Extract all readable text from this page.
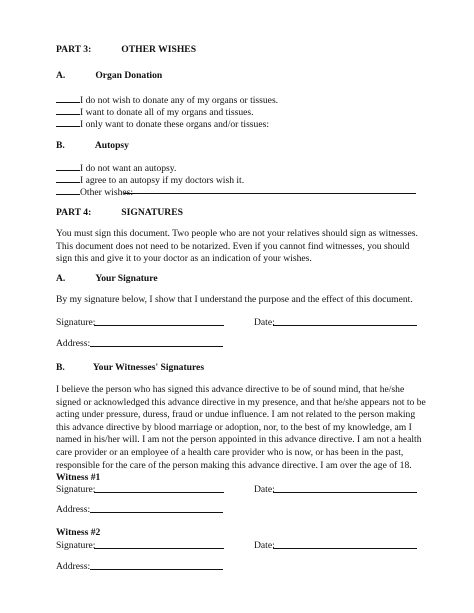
PART 3:	OTHER WISHES
A.	Organ Donation
I do not wish to donate any of my organs or tissues.
I want to donate all of my organs and tissues.
I only want to donate these organs and/or tissues:
B.	Autopsy
I do not want an autopsy.
I agree to an autopsy if my doctors wish it.
Other wishes:
PART 4:	SIGNATURES
You must sign this document. Two people who are not your relatives should sign as witnesses.
This document does not need to be notarized. Even if you cannot find witnesses, you should
sign this and give it to your doctor as an indication of your wishes.
A.	Your Signature
By my signature below, I show that I understand the purpose and the effect of this document.
Signature:	Date:
Address:
B.	Your Witnesses' Signatures
I believe the person who has signed this advance directive to be of sound mind, that he/she
signed or acknowledged this advance directive in my presence, and that he/she appears not to be
acting under pressure, duress, fraud or undue influence. I am not related to the person making
this advance directive by blood marriage or adoption, nor, to the best of my knowledge, am I
named in his/her will. I am not the person appointed in this advance directive. I am not a health
care provider or an employee of a health care provider who is now, or has been in the past,
responsible for the care of the person making this advance directive. I am over the age of 18.
Witness #1
Signature:	Date:
Address:
Witness #2
Signature:	Date:
Address:
